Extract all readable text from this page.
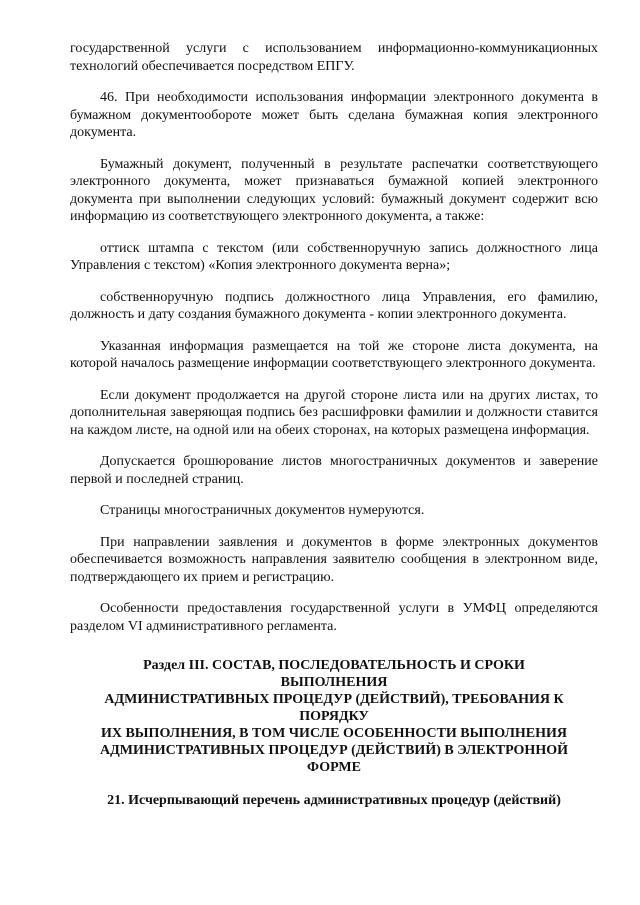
государственной услуги с использованием информационно-коммуникационных технологий обеспечивается посредством ЕПГУ.

46. При необходимости использования информации электронного документа в бумажном документообороте может быть сделана бумажная копия электронного документа.

Бумажный документ, полученный в результате распечатки соответствующего электронного документа, может признаваться бумажной копией электронного документа при выполнении следующих условий: бумажный документ содержит всю информацию из соответствующего электронного документа, а также:

оттиск штампа с текстом (или собственноручную запись должностного лица Управления с текстом) «Копия электронного документа верна»;

собственноручную подпись должностного лица Управления, его фамилию, должность и дату создания бумажного документа - копии электронного документа.

Указанная информация размещается на той же стороне листа документа, на которой началось размещение информации соответствующего электронного документа.

Если документ продолжается на другой стороне листа или на других листах, то дополнительная заверяющая подпись без расшифровки фамилии и должности ставится на каждом листе, на одной или на обеих сторонах, на которых размещена информация.

Допускается брошюрование листов многостраничных документов и заверение первой и последней страниц.

Страницы многостраничных документов нумеруются.

При направлении заявления и документов в форме электронных документов обеспечивается возможность направления заявителю сообщения в электронном виде, подтверждающего их прием и регистрацию.

Особенности предоставления государственной услуги в УМФЦ определяются разделом VI административного регламента.

Раздел III. СОСТАВ, ПОСЛЕДОВАТЕЛЬНОСТЬ И СРОКИ
ВЫПОЛНЕНИЯ
АДМИНИСТРАТИВНЫХ ПРОЦЕДУР (ДЕЙСТВИЙ), ТРЕБОВАНИЯ К
ПОРЯДКУ
ИХ ВЫПОЛНЕНИЯ, В ТОМ ЧИСЛЕ ОСОБЕННОСТИ ВЫПОЛНЕНИЯ
АДМИНИСТРАТИВНЫХ ПРОЦЕДУР (ДЕЙСТВИЙ) В ЭЛЕКТРОННОЙ
ФОРМЕ

21. Исчерпывающий перечень административных процедур (действий)
